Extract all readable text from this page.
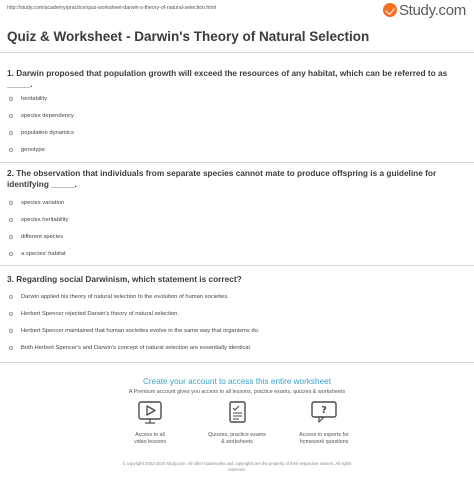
http://study.com/academy/practice/quiz-worksheet-darwin-s-theory-of-natural-selection.html	Study.com
Quiz & Worksheet - Darwin's Theory of Natural Selection
1. Darwin proposed that population growth will exceed the resources of any habitat, which can be referred to as _____.
heritability
species dependency
population dynamics
genotype
2. The observation that individuals from separate species cannot mate to produce offspring is a guideline for identifying _____.
species variation
species heritability
different species
a species' habitat
3. Regarding social Darwinism, which statement is correct?
Darwin applied his theory of natural selection to the evolution of human societies.
Herbert Spencer rejected Darwin's theory of natural selection.
Herbert Spencer maintained that human societies evolve in the same way that organisms do.
Both Herbert Spencer's and Darwin's concept of natural selection are essentially identical.
Create your account to access this entire worksheet
A Premium account gives you access to all lessons, practice exams, quizzes & worksheets
Access to all
video lessons
Quizzes, practice exams
& worksheets
?
Access to experts for
homework questions
© copyright 2003-2020 Study.com. All other trademarks and copyrights are the property of their respective owners. All rights
reserved.
